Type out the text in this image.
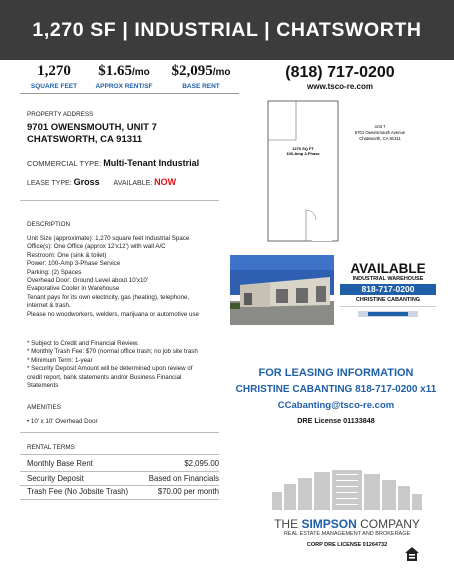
1,270 SF | INDUSTRIAL | CHATSWORTH
1,270
SQUARE FEET
$1.65/mo
APPROX RENT/SF
$2,095/mo
BASE RENT
(818) 717-0200
www.tsco-re.com
PROPERTY ADDRESS
9701 OWENSMOUTH, UNIT 7
CHATSWORTH, CA 91311
COMMERCIAL TYPE: Multi-Tenant Industrial
LEASE TYPE: Gross AVAILABLE: NOW
DESCRIPTION
Unit Size (approximate): 1,270 square feet Industrial Space
Office(s): One Office (approx 12'x12') with wall A/C
Restroom: One (sink & toilet)
Power: 100-Amp 3-Phase Service
Parking: (2) Spaces
Overhead Door: Ground Level about 10'x10'
Evaporative Cooler in Warehouse
Tenant pays for its own electricity, gas (heating), telephone,
internet & trash.
Please no woodworkers, welders, marijuana or automotive use
* Subject to Credit and Financial Review.
* Monthly Trash Fee: $70 (normal office trash; no job site trash
* Minimum Term: 1-year
* Security Deposit Amount will be determined upon review of
credit report, bank statements and/or Business Financial
Statements
AMENITIES
• 10' x 10' Overhead Door
RENTAL TERMS
Monthly Base Rent	$2,095.00
Security Deposit	Based on Financials
Trash Fee (No Jobsite Trash)	$70.00 per month
1270 SQ FT
100-Amp 3-Phase
Unit 7
9701 Owensmouth Avenue
Chatsworth, CA 91311
AVAILABLE
INDUSTRIAL WAREHOUSE
818-717-0200
CHRISTINE CABANTING
FOR LEASING INFORMATION
CHRISTINE CABANTING 818-717-0200 x11
CCabanting@tsco-re.com
DRE License 01133848
THE SIMPSON COMPANY
REAL ESTATE MANAGEMENT AND BROKERAGE
CORP DRE LICENSE 01264732
